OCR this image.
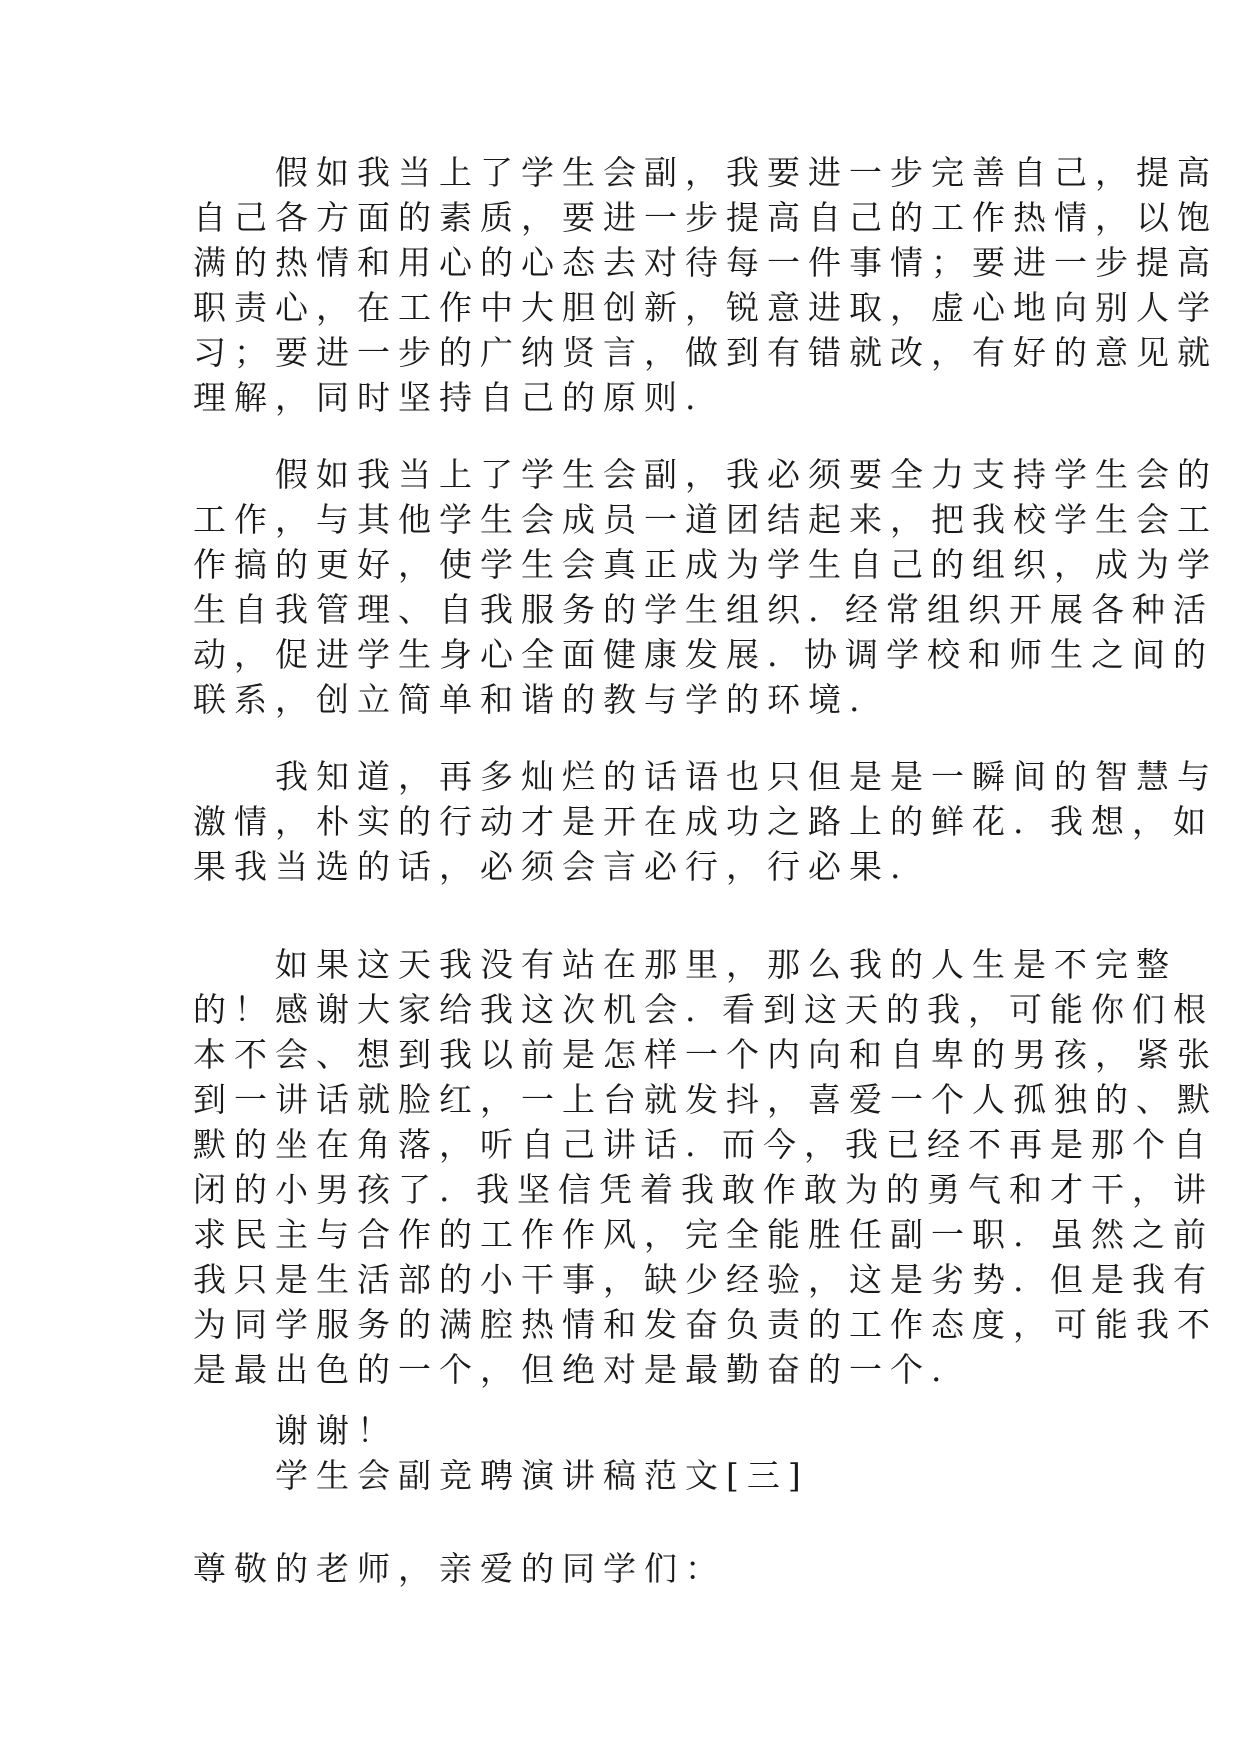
　　假如我当上了学生会副，我要进一步完善自己，提高

自己各方面的素质，要进一步提高自己的工作热情，以饱

满的热情和用心的心态去对待每一件事情；要进一步提高

职责心，在工作中大胆创新，锐意进取，虚心地向别人学

习；要进一步的广纳贤言，做到有错就改，有好的意见就

理解，同时坚持自己的原则.

　　假如我当上了学生会副，我必须要全力支持学生会的

工作，与其他学生会成员一道团结起来，把我校学生会工

作搞的更好，使学生会真正成为学生自己的组织，成为学

生自我管理、自我服务的学生组织. 经常组织开展各种活

动，促进学生身心全面健康发展. 协调学校和师生之间的

联系，创立简单和谐的教与学的环境.

　　我知道，再多灿烂的话语也只但是是一瞬间的智慧与

激情，朴实的行动才是开在成功之路上的鲜花. 我想，如

果我当选的话，必须会言必行，行必果.

　　如果这天我没有站在那里，那么我的人生是不完整

的！感谢大家给我这次机会. 看到这天的我，可能你们根

本不会、想到我以前是怎样一个内向和自卑的男孩，紧张

到一讲话就脸红，一上台就发抖，喜爱一个人孤独的、默

默的坐在角落，听自己讲话. 而今，我已经不再是那个自

闭的小男孩了. 我坚信凭着我敢作敢为的勇气和才干，讲

求民主与合作的工作作风，完全能胜任副一职. 虽然之前

我只是生活部的小干事，缺少经验，这是劣势. 但是我有

为同学服务的满腔热情和发奋负责的工作态度，可能我不

是最出色的一个，但绝对是最勤奋的一个.

　　谢谢！

　　学生会副竞聘演讲稿范文[三]

尊敬的老师，亲爱的同学们：
